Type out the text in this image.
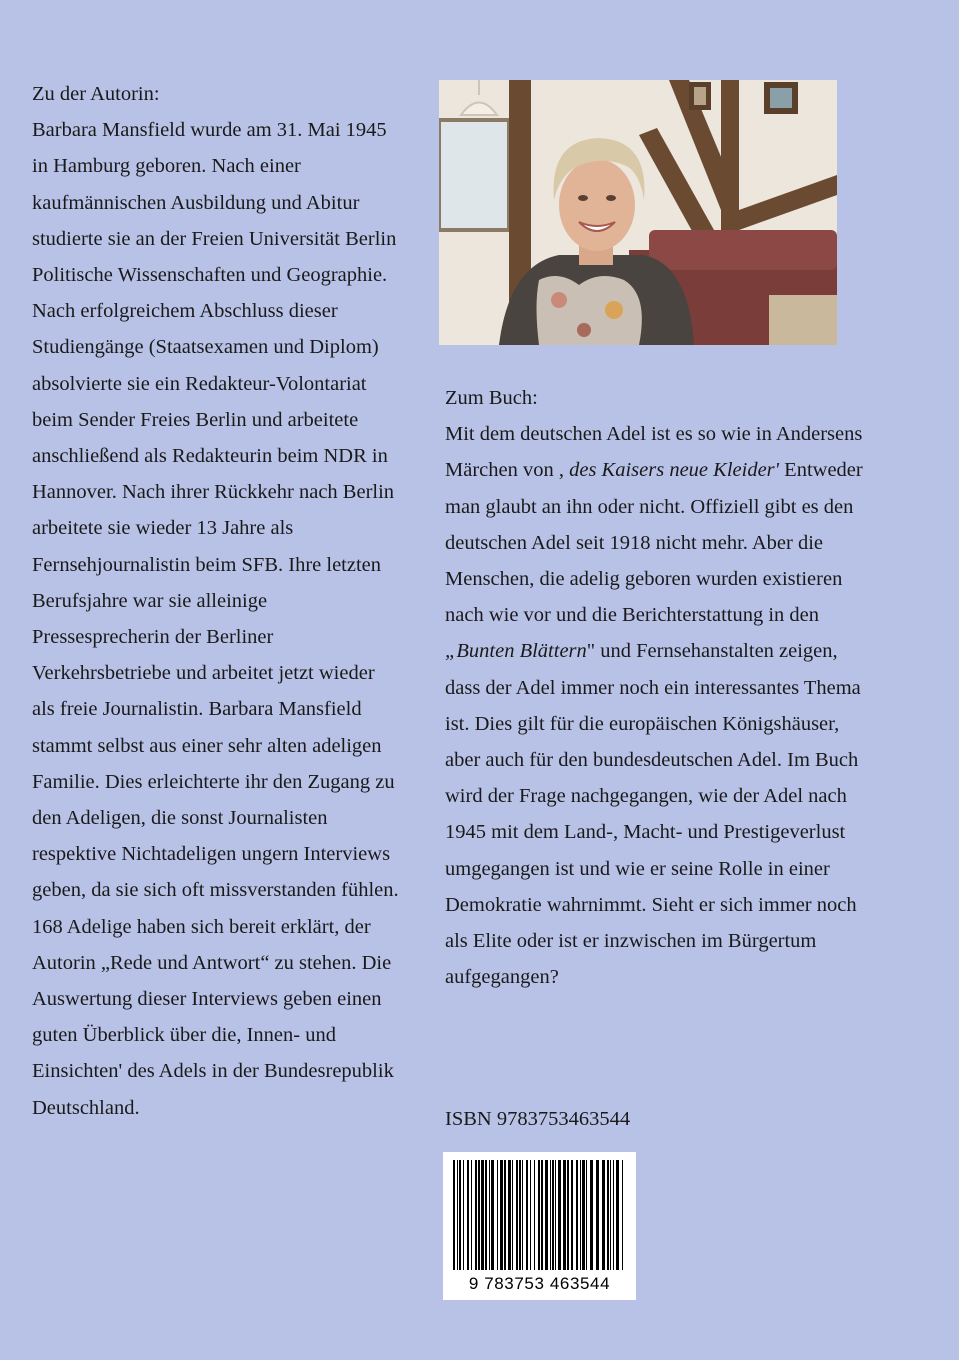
Zu der Autorin:

Barbara Mansfield wurde am 31. Mai 1945 in Hamburg geboren. Nach einer kaufmännischen Ausbildung und Abitur studierte sie an der Freien Universität Berlin Politische Wissenschaften und Geographie. Nach erfolgreichem Abschluss dieser Studiengänge (Staatsexamen und Diplom) absolvierte sie ein Redakteur-Volontariat beim Sender Freies Berlin und arbeitete anschließend als Redakteurin beim NDR in Hannover. Nach ihrer Rückkehr nach Berlin arbeitete sie wieder 13 Jahre als Fernsehjournalistin beim SFB. Ihre letzten Berufsjahre war sie alleinige Pressesprecherin der Berliner Verkehrsbetriebe und arbeitet jetzt wieder als freie Journalistin. Barbara Mansfield stammt selbst aus einer sehr alten adeligen Familie. Dies erleichterte ihr den Zugang zu den Adeligen, die sonst Journalisten respektive Nichtadeligen ungern Interviews geben, da sie sich oft missverstanden fühlen. 168 Adelige haben sich bereit erklärt, der Autorin „Rede und Antwort“ zu stehen. Die Auswertung dieser Interviews geben einen guten Überblick über die, Innen- und Einsichten' des Adels in der Bundesrepublik Deutschland.

Zum Buch:

Mit dem deutschen Adel ist es so wie in Andersens Märchen von , des Kaisers neue Kleider' Entweder man glaubt an ihn oder nicht. Offiziell gibt es den deutschen Adel seit 1918 nicht mehr. Aber die Menschen, die adelig geboren wurden existieren nach wie vor und die Berichterstattung in den „Bunten Blättern" und Fernsehanstalten zeigen, dass der Adel immer noch ein interessantes Thema ist. Dies gilt für die europäischen Königshäuser, aber auch für den bundesdeutschen Adel. Im Buch wird der Frage nachgegangen, wie der Adel nach 1945 mit dem Land-, Macht- und Prestigeverlust umgegangen ist und wie er seine Rolle in einer Demokratie wahrnimmt. Sieht er sich immer noch als Elite oder ist er inzwischen im Bürgertum aufgegangen?

ISBN 9783753463544
9 783753 463544
